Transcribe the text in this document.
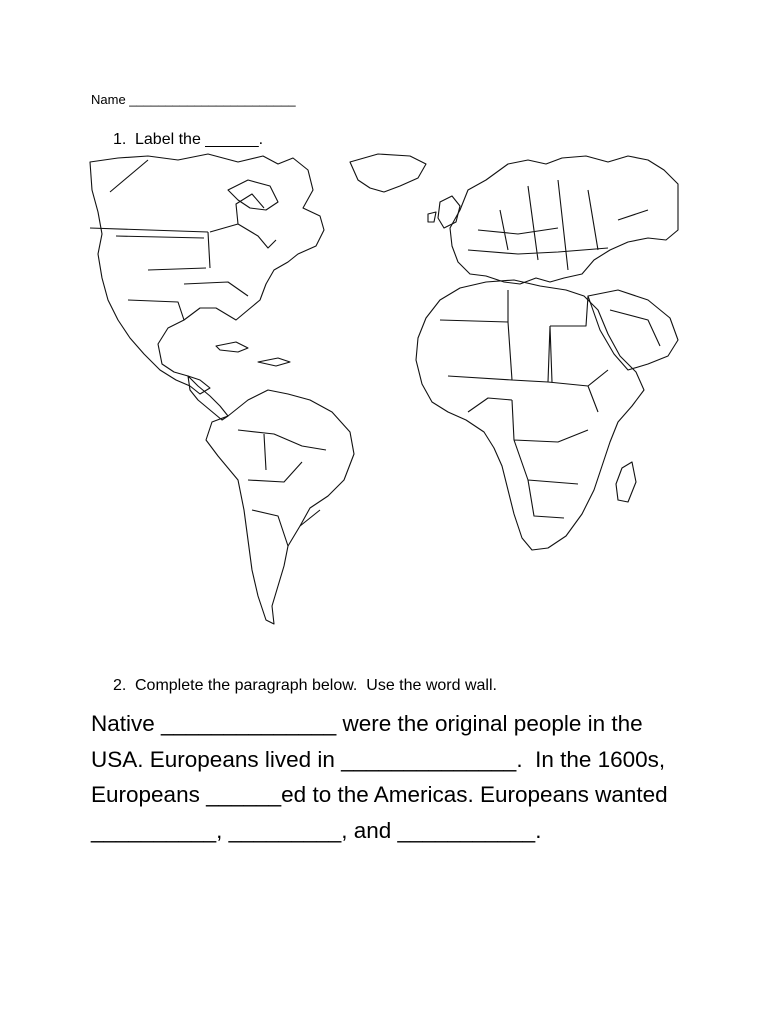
Name _______________________
1. Label the ______.
2. Complete the paragraph below.  Use the word wall.
Native ______________ were the original people in the
USA. Europeans lived in ______________.  In the 1600s,
Europeans ______ed to the Americas. Europeans wanted
__________, _________, and ___________.
